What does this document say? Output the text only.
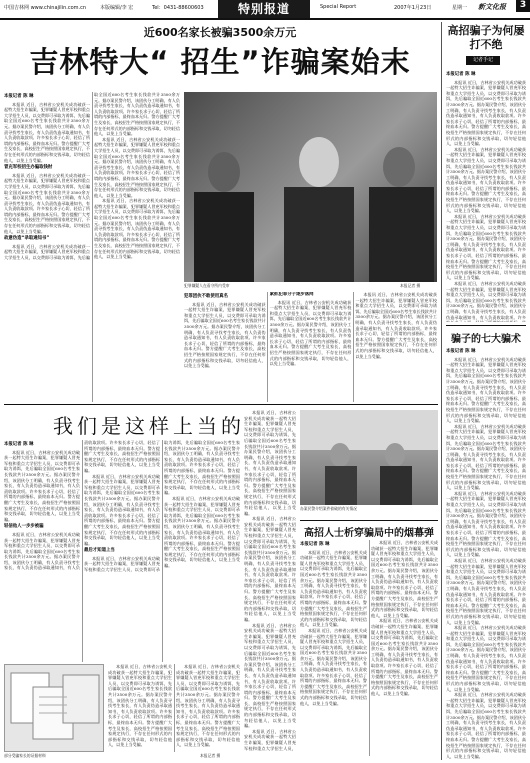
中国吉林网 www.chinajilin.com.cn	本版编辑/李 宏	Tel：0431-88600603	特别报道	Special Report	2007年1月23日	星期一	新文化报	3
近600名家长被骗3500余万元
吉林特大“ 招生”诈骗案始末
本报记者 陈 琳

本报讯 近日，吉林省公安机关成功破获一起特大招生诈骗案，犯罪嫌疑人冒充军校和重点大学招生人员，以交费即可录取为诱饵，先后骗取全国近600名考生家长钱款共计3500余万元。据办案民警介绍，该团伙分工明确，有人负责寻找考生家长，有人负责伪造录取通知书，有人负责收取款项。许多家长求子心切，轻信了所谓的内部指标，最终血本无归。警方提醒广大考生及家长，高校招生严格按照国家规定执行，不存在任何形式的内部指标和交钱录取，切勿轻信他人，以免上当受骗。

冒充军校招生办骗取钱财

本报讯 近日，吉林省公安机关成功破获一起特大招生诈骗案，犯罪嫌疑人冒充军校和重点大学招生人员，以交费即可录取为诱饵，先后骗取全国近600名考生家长钱款共计3500余万元。据办案民警介绍，该团伙分工明确，有人负责寻找考生家长，有人负责伪造录取通知书，有人负责收取款项。许多家长求子心切，轻信了所谓的内部指标，最终血本无归。警方提醒广大考生及家长，高校招生严格按照国家规定执行，不存在任何形式的内部指标和交钱录取，切勿轻信他人，以免上当受骗。

故意伪造“录取通知书”

本报讯 近日，吉林省公安机关成功破获一起特大招生诈骗案，犯罪嫌疑人冒充军校和重点大学招生人员，以交费即可录取为诱饵，先后骗取全国近600名考生家长钱款共计3500余万元。据办案民警介绍，该团伙分工明确，有人负责寻找考生家长，有人负责伪造录取通知书，有人负责收取款项。许多家长求子心切，轻信了所谓的内部指标，最终血本无归。警方提醒广大考生及家长，高校招生严格按照国家规定执行，不存在任何形式的内部指标和交钱录取，切勿轻信他人，以免上当受骗。

本报讯 近日，吉林省公安机关成功破获一起特大招生诈骗案，犯罪嫌疑人冒充军校和重点大学招生人员，以交费即可录取为诱饵，先后骗取全国近600名考生家长钱款共计3500余万元。据办案民警介绍，该团伙分工明确，有人负责寻找考生家长，有人负责伪造录取通知书，有人负责收取款项。许多家长求子心切，轻信了所谓的内部指标，最终血本无归。警方提醒广大考生及家长，高校招生严格按照国家规定执行，不存在任何形式的内部指标和交钱录取，切勿轻信他人，以免上当受骗。

本报讯 近日，吉林省公安机关成功破获一起特大招生诈骗案，犯罪嫌疑人冒充军校和重点大学招生人员，以交费即可录取为诱饵，先后骗取全国近600名考生家长钱款共计3500余万元。据办案民警介绍，该团伙分工明确，有人负责寻找考生家长，有人负责伪造录取通知书，有人负责收取款项。许多家长求子心切，轻信了所谓的内部指标，最终血本无归。警方提醒广大考生及家长，高校招生严格按照国家规定执行，不存在任何形式的内部指标和交钱录取，切勿轻信他人，以免上当受骗。

犯罪嫌疑人在看守所内受审	本报记者 摄
犯罪团伙不敢使用真名

本报讯 近日，吉林省公安机关成功破获一起特大招生诈骗案，犯罪嫌疑人冒充军校和重点大学招生人员，以交费即可录取为诱饵，先后骗取全国近600名考生家长钱款共计3500余万元。据办案民警介绍，该团伙分工明确，有人负责寻找考生家长，有人负责伪造录取通知书，有人负责收取款项。许多家长求子心切，轻信了所谓的内部指标，最终血本无归。警方提醒广大考生及家长，高校招生严格按照国家规定执行，不存在任何形式的内部指标和交钱录取，切勿轻信他人，以免上当受骗。

紧抓犯罪分子逐步落网

本报讯 近日，吉林省公安机关成功破获一起特大招生诈骗案，犯罪嫌疑人冒充军校和重点大学招生人员，以交费即可录取为诱饵，先后骗取全国近600名考生家长钱款共计3500余万元。据办案民警介绍，该团伙分工明确，有人负责寻找考生家长，有人负责伪造录取通知书，有人负责收取款项。许多家长求子心切，轻信了所谓的内部指标，最终血本无归。警方提醒广大考生及家长，高校招生严格按照国家规定执行，不存在任何形式的内部指标和交钱录取，切勿轻信他人，以免上当受骗。

本报讯 近日，吉林省公安机关成功破获一起特大招生诈骗案，犯罪嫌疑人冒充军校和重点大学招生人员，以交费即可录取为诱饵，先后骗取全国近600名考生家长钱款共计3500余万元。据办案民警介绍，该团伙分工明确，有人负责寻找考生家长，有人负责伪造录取通知书，有人负责收取款项。许多家长求子心切，轻信了所谓的内部指标，最终血本无归。警方提醒广大考生及家长，高校招生严格按照国家规定执行，不存在任何形式的内部指标和交钱录取，切勿轻信他人，以免上当受骗。

高招骗子为何屡打不绝
记者手记
本报记者 陈 琳

本报讯 近日，吉林省公安机关成功破获一起特大招生诈骗案，犯罪嫌疑人冒充军校和重点大学招生人员，以交费即可录取为诱饵，先后骗取全国近600名考生家长钱款共计3500余万元。据办案民警介绍，该团伙分工明确，有人负责寻找考生家长，有人负责伪造录取通知书，有人负责收取款项。许多家长求子心切，轻信了所谓的内部指标，最终血本无归。警方提醒广大考生及家长，高校招生严格按照国家规定执行，不存在任何形式的内部指标和交钱录取，切勿轻信他人，以免上当受骗。

本报讯 近日，吉林省公安机关成功破获一起特大招生诈骗案，犯罪嫌疑人冒充军校和重点大学招生人员，以交费即可录取为诱饵，先后骗取全国近600名考生家长钱款共计3500余万元。据办案民警介绍，该团伙分工明确，有人负责寻找考生家长，有人负责伪造录取通知书，有人负责收取款项。许多家长求子心切，轻信了所谓的内部指标，最终血本无归。警方提醒广大考生及家长，高校招生严格按照国家规定执行，不存在任何形式的内部指标和交钱录取，切勿轻信他人，以免上当受骗。

本报讯 近日，吉林省公安机关成功破获一起特大招生诈骗案，犯罪嫌疑人冒充军校和重点大学招生人员，以交费即可录取为诱饵，先后骗取全国近600名考生家长钱款共计3500余万元。据办案民警介绍，该团伙分工明确，有人负责寻找考生家长，有人负责伪造录取通知书，有人负责收取款项。许多家长求子心切，轻信了所谓的内部指标，最终血本无归。警方提醒广大考生及家长，高校招生严格按照国家规定执行，不存在任何形式的内部指标和交钱录取，切勿轻信他人，以免上当受骗。

本报讯 近日，吉林省公安机关成功破获一起特大招生诈骗案，犯罪嫌疑人冒充军校和重点大学招生人员，以交费即可录取为诱饵，先后骗取全国近600名考生家长钱款共计3500余万元。据办案民警介绍，该团伙分工明确，有人负责寻找考生家长，有人负责伪造录取通知书，有人负责收取款项。许多

骗子的七大骗术
本报记者 陈 琳

本报讯 近日，吉林省公安机关成功破获一起特大招生诈骗案，犯罪嫌疑人冒充军校和重点大学招生人员，以交费即可录取为诱饵，先后骗取全国近600名考生家长钱款共计3500余万元。据办案民警介绍，该团伙分工明确，有人负责寻找考生家长，有人负责伪造录取通知书，有人负责收取款项。许多家长求子心切，轻信了所谓的内部指标，最终血本无归。警方提醒广大考生及家长，高校招生严格按照国家规定执行，不存在任何形式的内部指标和交钱录取，切勿轻信他人，以免上当受骗。

本报讯 近日，吉林省公安机关成功破获一起特大招生诈骗案，犯罪嫌疑人冒充军校和重点大学招生人员，以交费即可录取为诱饵，先后骗取全国近600名考生家长钱款共计3500余万元。据办案民警介绍，该团伙分工明确，有人负责寻找考生家长，有人负责伪造录取通知书，有人负责收取款项。许多家长求子心切，轻信了所谓的内部指标，最终血本无归。警方提醒广大考生及家长，高校招生严格按照国家规定执行，不存在任何形式的内部指标和交钱录取，切勿轻信他人，以免上当受骗。

本报讯 近日，吉林省公安机关成功破获一起特大招生诈骗案，犯罪嫌疑人冒充军校和重点大学招生人员，以交费即可录取为诱饵，先后骗取全国近600名考生家长钱款共计3500余万元。据办案民警介绍，该团伙分工明确，有人负责寻找考生家长，有人负责伪造录取通知书，有人负责收取款项。许多家长求子心切，轻信了所谓的内部指标，最终血本无归。警方提醒广大考生及家长，高校招生严格按照国家规定执行，不存在任何形式的内部指标和交钱录取，切勿轻信他人，以免上当受骗。

本报讯 近日，吉林省公安机关成功破获一起特大招生诈骗案，犯罪嫌疑人冒充军校和重点大学招生人员，以交费即可录取为诱饵，先后骗取全国近600名考生家长钱款共计3500余万元。据办案民警介绍，该团伙分工明确，有人负责寻找考生家长，有人负责伪造录取通知书，有人负责收取款项。许多家长求子心切，轻信了所谓的内部指标，最终血本无归。警方提醒广大考生及家长，高校招生严格按照国家规定执行，不存在任何形式的内部指标和交钱录取，切勿轻信他人，以免上当受骗。

本报讯 近日，吉林省公安机关成功破获一起特大招生诈骗案，犯罪嫌疑人冒充军校和重点大学招生人员，以交费即可录取为诱饵，先后骗取全国近600名考生家长钱款共计3500余万元。据办案民警介绍，该团伙分工明确，有人负责寻找考生家长，有人负责伪造录取通知书，有人负责收取款项。许多家长求子心切，轻信了所谓的内部指标，最终血本无归。警方提醒广大考生及家长，高校招生严格按照国家规定执行，不存在任何形式的内部指标和交钱录取，切勿轻信他人，以免上当受骗。

本报讯 近日，吉林省公安机关成功破获一起特大招生诈骗案，犯罪嫌疑人冒充军校和重点大学招生人员，以交费即可录取为诱饵，先后骗取全国近600名考生家长钱款共计3500余万元。据办案民警介绍，该团伙分工明确，有人负责寻找考生家长，有人负责伪造录取通知书，有人负责收取款项。许多家长求子心切，轻信了所谓的内部指标，最终血本无归。警方提醒广大考生及家长，高校招生严格按照国家规定执行，不存在任何形式的内部指标和交钱录取，切勿轻信他人，以免上当受骗。

我们是这样上当的
本报记者 陈 琳

本报讯 近日，吉林省公安机关成功破获一起特大招生诈骗案，犯罪嫌疑人冒充军校和重点大学招生人员，以交费即可录取为诱饵，先后骗取全国近600名考生家长钱款共计3500余万元。据办案民警介绍，该团伙分工明确，有人负责寻找考生家长，有人负责伪造录取通知书，有人负责收取款项。许多家长求子心切，轻信了所谓的内部指标，最终血本无归。警方提醒广大考生及家长，高校招生严格按照国家规定执行，不存在任何形式的内部指标和交钱录取，切勿轻信他人，以免上当受骗。

轻信他人一步步被骗

本报讯 近日，吉林省公安机关成功破获一起特大招生诈骗案，犯罪嫌疑人冒充军校和重点大学招生人员，以交费即可录取为诱饵，先后骗取全国近600名考生家长钱款共计3500余万元。据办案民警介绍，该团伙分工明确，有人负责寻找考生家长，有人负责伪造录取通知书，有人负责收取款项。许多家长求子心切，轻信了所谓的内部指标，最终血本无归。警方提醒广大考生及家长，高校招生严格按照国家规定执行，不存在任何形式的内部指标和交钱录取，切勿轻信他人，以免上当受骗。

本报讯 近日，吉林省公安机关成功破获一起特大招生诈骗案，犯罪嫌疑人冒充军校和重点大学招生人员，以交费即可录取为诱饵，先后骗取全国近600名考生家长钱款共计3500余万元。据办案民警介绍，该团伙分工明确，有人负责寻找考生家长，有人负责伪造录取通知书，有人负责收取款项。许多家长求子心切，轻信了所谓的内部指标，最终血本无归。警方提醒广大考生及家长，高校招生严格按照国家规定执行，不存在任何形式的内部指标和交钱录取，切勿轻信他人，以免上当受骗。

最后才知道上当

本报讯 近日，吉林省公安机关成功破获一起特大招生诈骗案，犯罪嫌疑人冒充军校和重点大学招生人员，以交费即可录取为诱饵，先后骗取全国近600名考生家长钱款共计3500余万元。据办案民警介绍，该团伙分工明确，有人负责寻找考生家长，有人负责伪造录取通知书，有人负责收取款项。许多家长求子心切，轻信了所谓的内部指标，最终血本无归。警方提醒广大考生及家长，高校招生严格按照国家规定执行，不存在任何形式的内部指标和交钱录取，切勿轻信他人，以免上当受骗。

本报讯 近日，吉林省公安机关成功破获一起特大招生诈骗案，犯罪嫌疑人冒充军校和重点大学招生人员，以交费即可录取为诱饵，先后骗取全国近600名考生家长钱款共计3500余万元。据办案民警介绍，该团伙分工明确，有人负责寻找考生家长，有人负责伪造录取通知书，有人负责收取款项。许多家长求子心切，轻信了所谓的内部指标，最终血本无归。警方提醒广大考生及家长，高校招生严格按照国家规定执行，不存在任何形式的内部指标和交钱录取，切勿轻信他人，以免上当受骗。

部分受骗家长的证据材料

本报讯 近日，吉林省公安机关成功破获一起特大招生诈骗案，犯罪嫌疑人冒充军校和重点大学招生人员，以交费即可录取为诱饵，先后骗取全国近600名考生家长钱款共计3500余万元。据办案民警介绍，该团伙分工明确，有人负责寻找考生家长，有人负责伪造录取通知书，有人负责收取款项。许多家长求子心切，轻信了所谓的内部指标，最终血本无归。警方提醒广大考生及家长，高校招生严格按照国家规定执行，不存在任何形式的内部指标和交钱录取，切勿轻信他人，以免上当受骗。

本报讯 近日，吉林省公安机关成功破获一起特大招生诈骗案，犯罪嫌疑人冒充军校和重点大学招生人员，以交费即可录取为诱饵，先后骗取全国近600名考生家长钱款共计3500余万元。据办案民警介绍，该团伙分工明确，有人负责寻找考生家长，有人负责伪造录取通知书，有人负责收取款项。许多家长求子心切，轻信了所谓的内部指标，最终血本无归。警方提醒广大考生及家长，高校招生严格按照国家规定执行，不存在任何形式的内部指标和交钱录取，切勿轻信他人，以免上当受骗。

本报记者 摄

本报讯 近日，吉林省公安机关成功破获一起特大招生诈骗案，犯罪嫌疑人冒充军校和重点大学招生人员，以交费即可录取为诱饵，先后骗取全国近600名考生家长钱款共计3500余万元。据办案民警介绍，该团伙分工明确，有人负责寻找考生家长，有人负责伪造录取通知书，有人负责收取款项。许多家长求子心切，轻信了所谓的内部指标，最终血本无归。警方提醒广大考生及家长，高校招生严格按照国家规定执行，不存在任何形式的内部指标和交钱录取，切勿轻信他人，以免上当受骗。

本报讯 近日，吉林省公安机关成功破获一起特大招生诈骗案，犯罪嫌疑人冒充军校和重点大学招生人员，以交费即可录取为诱饵，先后骗取全国近600名考生家长钱款共计3500余万元。据办案民警介绍，该团伙分工明确，有人负责寻找考生家长，有人负责伪造录取通知书，有人负责收取款项。许多家长求子心切，轻信了所谓的内部指标，最终血本无归。警方提醒广大考生及家长，高校招生严格按照国家规定执行，不存在任何形式的内部指标和交钱录取，切勿轻信他人，以免上当受骗。

本报讯 近日，吉林省公安机关成功破获一起特大招生诈骗案，犯罪嫌疑人冒充军校和重点大学招生人员，以交费即可录取为诱饵，先后骗取全国近600名考生家长钱款共计3500余万元。据办案民警介绍，该团伙分工明确，有人负责寻找考生家长，有人负责伪造录取通知书，有人负责收取款项。许多家长求子心切，轻信了所谓的内部指标，最终血本无归。警方提醒广大考生及家长，高校招生严格按照国家规定执行，不存在任何形式的内部指标和交钱录取，切勿轻信他人，以免上当受骗。

本报讯 近日，吉林省公安机关成功破获一起特大招生诈骗案，犯罪嫌疑人冒充军校和重点大学招生人员，

办案民警介绍案件侦破的有关情况
高招人士析穿骗局中的烟幕弹
本报记者 陈 琳

本报讯 近日，吉林省公安机关成功破获一起特大招生诈骗案，犯罪嫌疑人冒充军校和重点大学招生人员，以交费即可录取为诱饵，先后骗取全国近600名考生家长钱款共计3500余万元。据办案民警介绍，该团伙分工明确，有人负责寻找考生家长，有人负责伪造录取通知书，有人负责收取款项。许多家长求子心切，轻信了所谓的内部指标，最终血本无归。警方提醒广大考生及家长，高校招生严格按照国家规定执行，不存在任何形式的内部指标和交钱录取，切勿轻信他人，以免上当受骗。

本报讯 近日，吉林省公安机关成功破获一起特大招生诈骗案，犯罪嫌疑人冒充军校和重点大学招生人员，以交费即可录取为诱饵，先后骗取全国近600名考生家长钱款共计3500余万元。据办案民警介绍，该团伙分工明确，有人负责寻找考生家长，有人负责伪造录取通知书，有人负责收取款项。许多家长求子心切，轻信了所谓的内部指标，最终血本无归。警方提醒广大考生及家长，高校招生严格按照国家规定执行，不存在任何形式的内部指标和交钱录取，切勿轻信他人，以免上当受骗。

本报讯 近日，吉林省公安机关成功破获一起特大招生诈骗案，犯罪嫌疑人冒充军校和重点大学招生人员，以交费即可录取为诱饵，先后骗取全国近600名考生家长钱款共计3500余万元。据办案民警介绍，该团伙分工明确，有人负责寻找考生家长，有人负责伪造录取通知书，有人负责收取款项。许多家长求子心切，轻信了所谓的内部指标，最终血本无归。警方提醒广大考生及家长，高校招生严格按照国家规定执行，不存在任何形式的内部指标和交钱录取，切勿轻信他人，以免上当受骗。

本报讯 近日，吉林省公安机关成功破获一起特大招生诈骗案，犯罪嫌疑人冒充军校和重点大学招生人员，以交费即可录取为诱饵，先后骗取全国近600名考生家长钱款共计3500余万元。据办案民警介绍，该团伙分工明确，有人负责寻找考生家长，有人负责伪造录取通知书，有人负责收取款项。许多家长求子心切，轻信了所谓的内部指标，最终血本无归。警方提醒广大考生及家长，高校招生严格按照国家规定执行，不存在任何形式的内部指标和交钱录取，切勿轻信他人，以免上当受骗。
